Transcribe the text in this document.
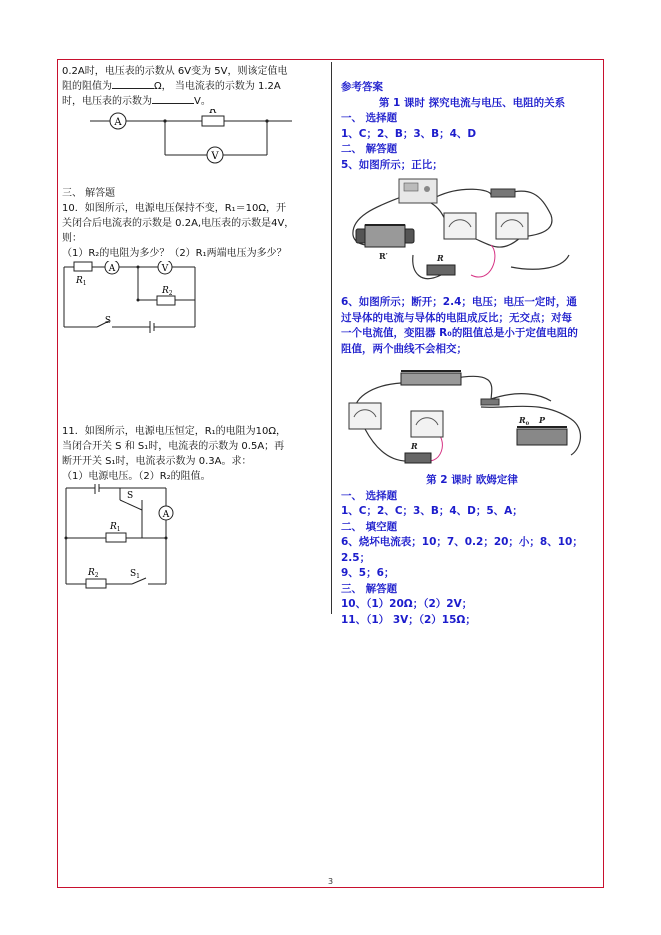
0.2A时，电压表的示数从 6V变为 5V，则该定值电

阻的阻值为	Ω， 当电流表的示数为 1.2A

时，电压表的示数为	V。

A
R
V

三、 解答题

10．如图所示，电源电压保持不变，R₁＝10Ω，开

关闭合后电流表的示数是 0.2A,电压表的示数是4V，

则：

（1）R₂的电阻为多少？（2）R₁两端电压为多少？

A	V
$R_1$
$R_2$
S

11．如图所示，电源电压恒定，R₁的电阻为10Ω，

当闭合开关 S 和 S₁时，电流表的示数为 0.5A；再

断开开关 S₁时，电流表示数为 0.3A。求：

（1）电源电压。（2）R₂的阻值。

A
S
$R_1$
$R_2$	$S_1$

参考答案

第 1 课时 探究电流与电压、电阻的关系

一、 选择题

1、C；2、B；3、B；4、D

二、 解答题

5、如图所示；正比；

R′	R

6、如图所示；断开；2.4；电压；电压一定时，通

过导体的电流与导体的电阻成反比；无交点；对每

一个电流值，变阻器 R₀的阻值总是小于定值电阻的

阻值，两个曲线不会相交；

$R_0$ P
R

第 2 课时 欧姆定律

一、 选择题

1、C；2、C；3、B；4、D；5、A；

二、 填空题

6、烧坏电流表；10；7、0.2；20；小；8、10；

2.5；

9、5；6；

三、 解答题

10、（1）20Ω；（2）2V；

11、（1） 3V；（2）15Ω；

3
